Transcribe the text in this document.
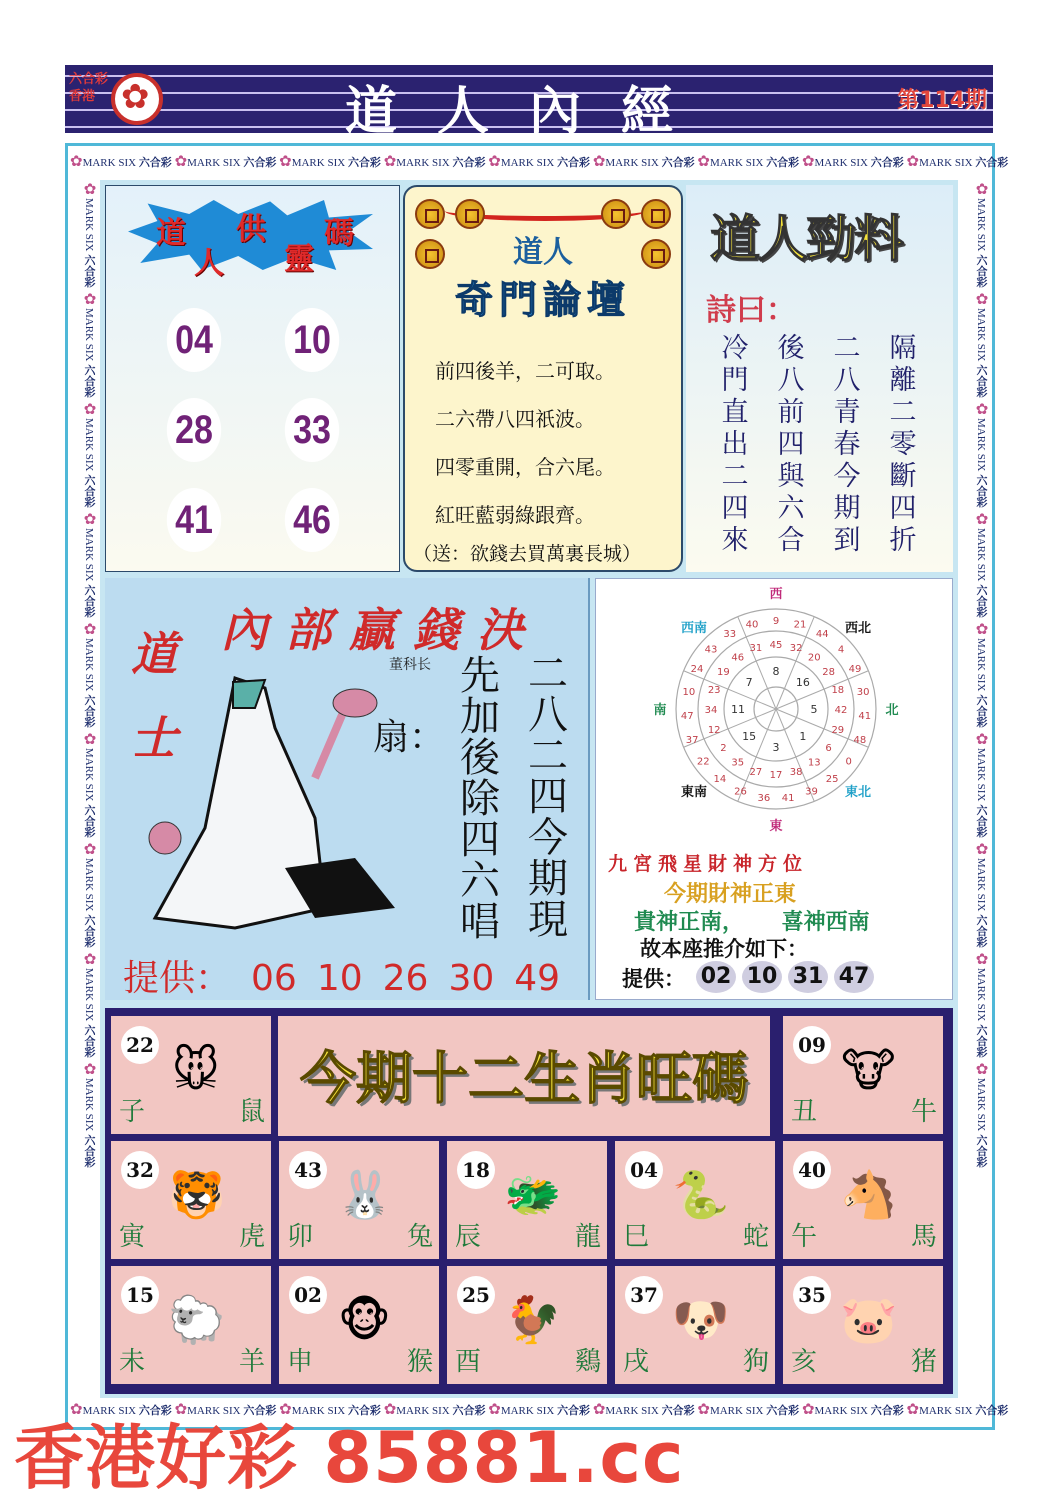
六合彩 香港 ✿	道人內經	第114期
✿MARK SIX 六合彩 ✿MARK SIX 六合彩 ✿MARK SIX 六合彩 ✿MARK SIX 六合彩 ✿MARK SIX 六合彩 ✿MARK SIX 六合彩 ✿MARK SIX 六合彩 ✿MARK SIX 六合彩 ✿MARK SIX 六合彩
✿MARK SIX 六合彩 ✿MARK SIX 六合彩 ✿MARK SIX 六合彩 ✿MARK SIX 六合彩 ✿MARK SIX 六合彩 ✿MARK SIX 六合彩 ✿MARK SIX 六合彩 ✿MARK SIX 六合彩 ✿MARK SIX 六合彩
✿MARK SIX 六合彩 ✿MARK SIX 六合彩 ✿MARK SIX 六合彩 ✿MARK SIX 六合彩 ✿MARK SIX 六合彩 ✿MARK SIX 六合彩 ✿MARK SIX 六合彩 ✿MARK SIX 六合彩 ✿MARK SIX 六合彩
✿MARK SIX 六合彩 ✿MARK SIX 六合彩 ✿MARK SIX 六合彩 ✿MARK SIX 六合彩 ✿MARK SIX 六合彩 ✿MARK SIX 六合彩 ✿MARK SIX 六合彩 ✿MARK SIX 六合彩 ✿MARK SIX 六合彩
道
人
供
靈
碼
04 10
28 33
41 46
道人
奇門論壇
前四後羊，二可取。
二六帶八四祇波。
四零重開，合六尾。
紅旺藍弱綠跟齊。
（送：欲錢去買萬裏長城）
道人勁料
詩曰：
冷門直出二四來
後八前四與六合
二八青春今期到
隔離二零斷四折
道士
內部贏錢決
董科长
扇：
二八二四今期現
先加後除四六唱
提供： 06 10 26 30 49
西
西北
北
東北
東
東南
南
西南	9 21
44
4
49
30
41
48
0
25
39
41
36
26
14
22
37
47
10
24
43
33
40
45 32
20
28
18
42
29
6
13
38
17
27
35
2
12
34
23
19
46
31
8
16
5
1
3
15
11
7
九宮飛星財神方位
今期財神正東
貴神正南， 喜神西南
故本座推介如下：
提供： 02 10 31 47
今期十二生肖旺碼
22 🐭
子	鼠
09 🐮
丑	牛
32 🐯
寅	虎
43 🐰
卯	兔
18 🐲
辰	龍
04 🐍
巳	蛇
40 🐴
午	馬
15 🐑
未	羊
02 🐵
申	猴
25 🐓
酉	鷄
37 🐶
戌	狗
35 🐷
亥	猪
香港好彩 85881.cc
